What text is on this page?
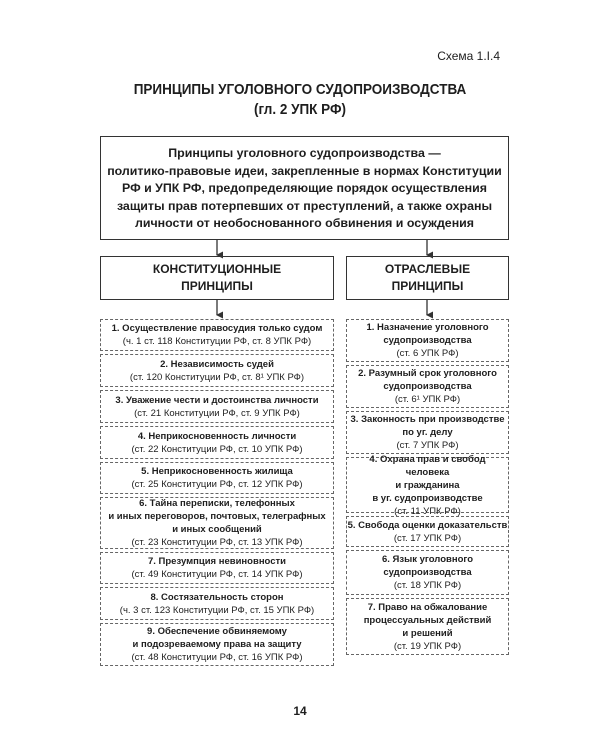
Схема 1.I.4
ПРИНЦИПЫ УГОЛОВНОГО СУДОПРОИЗВОДСТВА
(гл. 2 УПК РФ)
Принципы уголовного судопроизводства —
политико-правовые идеи, закрепленные в нормах Конституции
РФ и УПК РФ, предопределяющие порядок осуществления
защиты прав потерпевших от преступлений, а также охраны
личности от необоснованного обвинения и осуждения
КОНСТИТУЦИОННЫЕ
ПРИНЦИПЫ
ОТРАСЛЕВЫЕ
ПРИНЦИПЫ
1. Осуществление правосудия только судом
(ч. 1 ст. 118 Конституции РФ, ст. 8 УПК РФ)
2. Независимость судей
(ст. 120 Конституции РФ, ст. 8¹ УПК РФ)
3. Уважение чести и достоинства личности
(ст. 21 Конституции РФ, ст. 9 УПК РФ)
4. Неприкосновенность личности
(ст. 22 Конституции РФ, ст. 10 УПК РФ)
5. Неприкосновенность жилища
(ст. 25 Конституции РФ, ст. 12 УПК РФ)
6. Тайна переписки, телефонных
и иных переговоров, почтовых, телеграфных
и иных сообщений
(ст. 23 Конституции РФ, ст. 13 УПК РФ)
7. Презумпция невиновности
(ст. 49 Конституции РФ, ст. 14 УПК РФ)
8. Состязательность сторон
(ч. 3 ст. 123 Конституции РФ, ст. 15 УПК РФ)
9. Обеспечение обвиняемому
и подозреваемому права на защиту
(ст. 48 Конституции РФ, ст. 16 УПК РФ)
1. Назначение уголовного
судопроизводства
(ст. 6 УПК РФ)
2. Разумный срок уголовного
судопроизводства
(ст. 6¹ УПК РФ)
3. Законность при производстве
по уг. делу
(ст. 7 УПК РФ)
4. Охрана прав и свобод человека
и гражданина
в уг. судопроизводстве
(ст. 11 УПК РФ)
5. Свобода оценки доказательств
(ст. 17 УПК РФ)
6. Язык уголовного
судопроизводства
(ст. 18 УПК РФ)
7. Право на обжалование
процессуальных действий
и решений
(ст. 19 УПК РФ)
14
